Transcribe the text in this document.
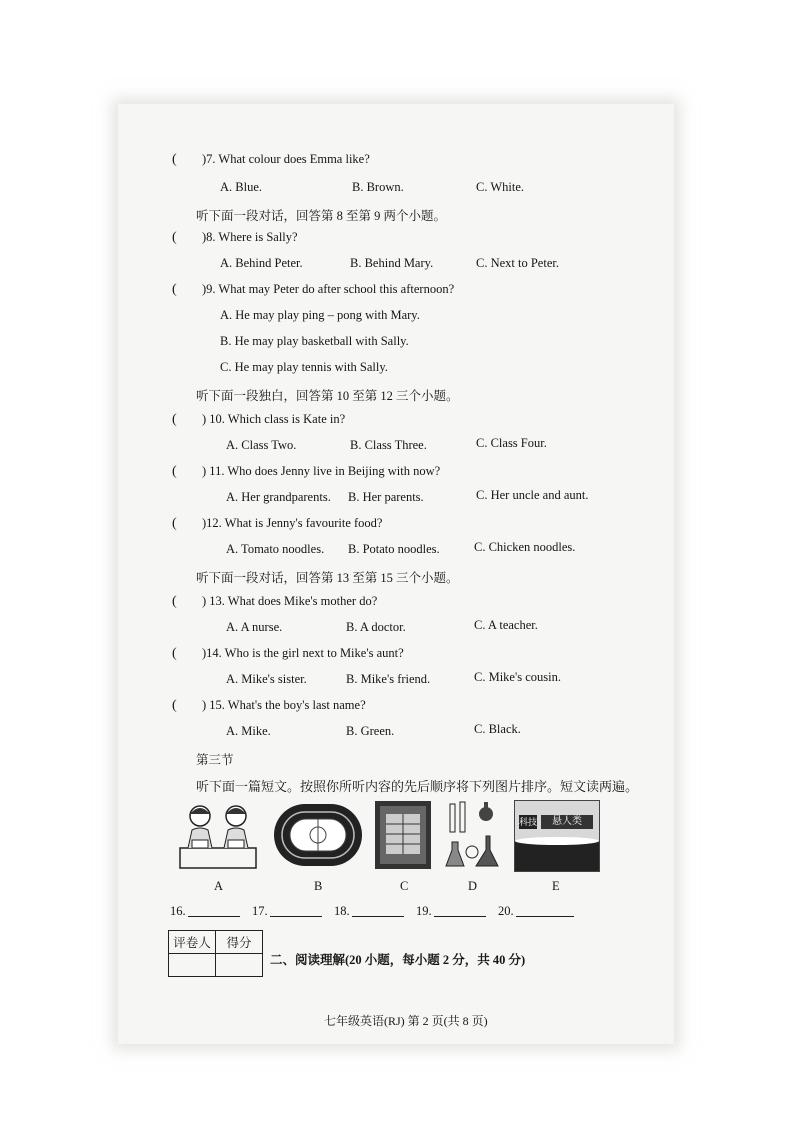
( )7. What colour does Emma like?
A. Blue.	B. Brown.	C. White.
听下面一段对话，回答第 8 至第 9 两个小题。
( )8. Where is Sally?
A. Behind Peter.	B. Behind Mary.	C. Next to Peter.
( )9. What may Peter do after school this afternoon?
A. He may play ping – pong with Mary.
B. He may play basketball with Sally.
C. He may play tennis with Sally.
听下面一段独白，回答第 10 至第 12 三个小题。
( ) 10. Which class is Kate in?
A. Class Two.	B. Class Three.	C. Class Four.
( ) 11. Who does Jenny live in Beijing with now?
A. Her grandparents. B. Her parents.	C. Her uncle and aunt.
( )12. What is Jenny's favourite food?
A. Tomato noodles. B. Potato noodles.	C. Chicken noodles.
听下面一段对话，回答第 13 至第 15 三个小题。
( ) 13. What does Mike's mother do?
A. A nurse.	B. A doctor.	C. A teacher.
( )14. Who is the girl next to Mike's aunt?
A. Mike's sister.	B. Mike's friend.	C. Mike's cousin.
( ) 15. What's the boy's last name?
A. Mike.	B. Green.	C. Black.
第三节
听下面一篇短文。按照你所听内容的先后顺序将下列图片排序。短文读两遍。
A	B	C	D
科技	悬人类
E
16.	17.	18.	19.	20.
评卷人	得分

二、阅读理解(20 小题，每小题 2 分，共 40 分)
七年级英语(RJ) 第 2 页(共 8 页)
